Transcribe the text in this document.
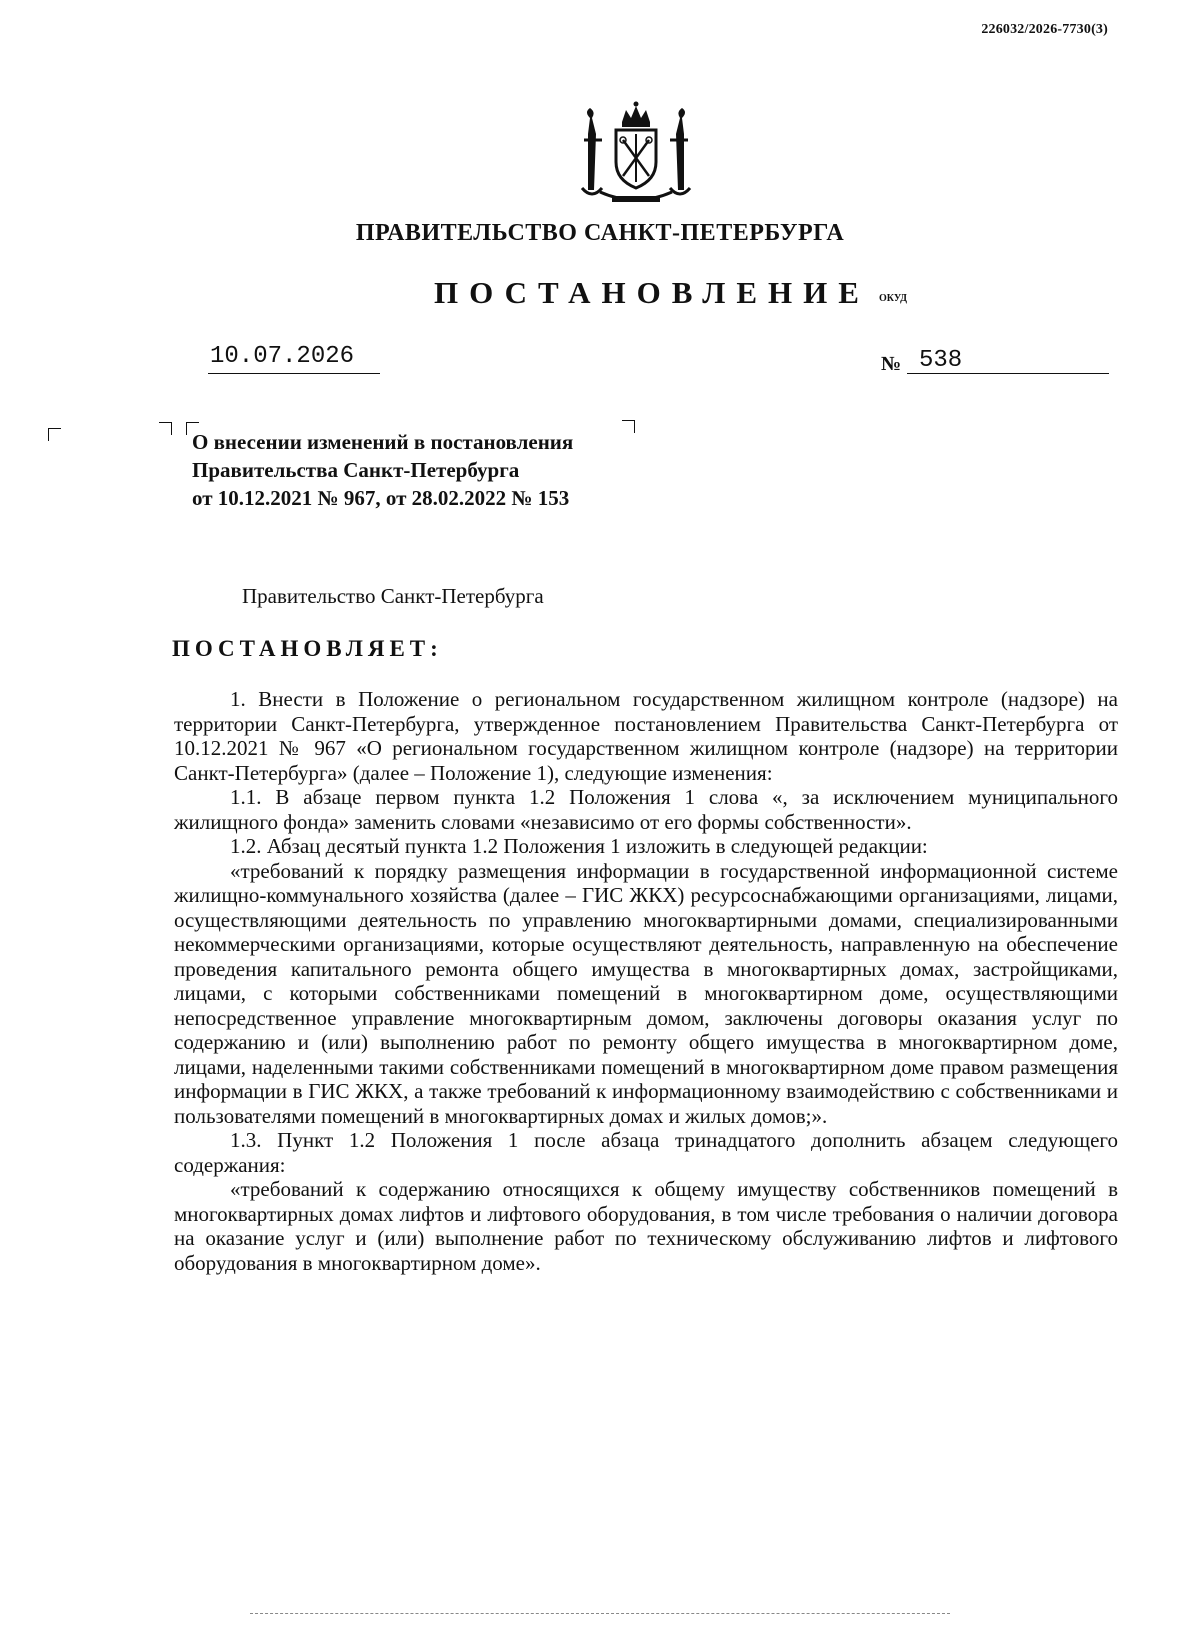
226032/2026-7730(3)
ПРАВИТЕЛЬСТВО САНКТ-ПЕТЕРБУРГА
ПОСТАНОВЛЕНИЕ ОКУД
10.07.2026	№ 538
О внесении изменений в постановления
Правительства Санкт-Петербурга
от 10.12.2021 № 967, от 28.02.2022 № 153
Правительство Санкт-Петербурга
ПОСТАНОВЛЯЕТ:

1. Внести в Положение о региональном государственном жилищном контроле (надзоре) на территории Санкт-Петербурга, утвержденное постановлением Правительства Санкт-Петербурга от 10.12.2021 № 967 «О региональном государственном жилищном контроле (надзоре) на территории Санкт-Петербурга» (далее – Положение 1), следующие изменения:

1.1. В абзаце первом пункта 1.2 Положения 1 слова «, за исключением муниципального жилищного фонда» заменить словами «независимо от его формы собственности».

1.2. Абзац десятый пункта 1.2 Положения 1 изложить в следующей редакции:

«требований к порядку размещения информации в государственной информационной системе жилищно-коммунального хозяйства (далее – ГИС ЖКХ) ресурсоснабжающими организациями, лицами, осуществляющими деятельность по управлению многоквартирными домами, специализированными некоммерческими организациями, которые осуществляют деятельность, направленную на обеспечение проведения капитального ремонта общего имущества в многоквартирных домах, застройщиками, лицами, с которыми собственниками помещений в многоквартирном доме, осуществляющими непосредственное управление многоквартирным домом, заключены договоры оказания услуг по содержанию и (или) выполнению работ по ремонту общего имущества в многоквартирном доме, лицами, наделенными такими собственниками помещений в многоквартирном доме правом размещения информации в ГИС ЖКХ, а также требований к информационному взаимодействию с собственниками и пользователями помещений в многоквартирных домах и жилых домов;».

1.3. Пункт 1.2 Положения 1 после абзаца тринадцатого дополнить абзацем следующего содержания:

«требований к содержанию относящихся к общему имуществу собственников помещений в многоквартирных домах лифтов и лифтового оборудования, в том числе требования о наличии договора на оказание услуг и (или) выполнение работ по техническому обслуживанию лифтов и лифтового оборудования в многоквартирном доме».
